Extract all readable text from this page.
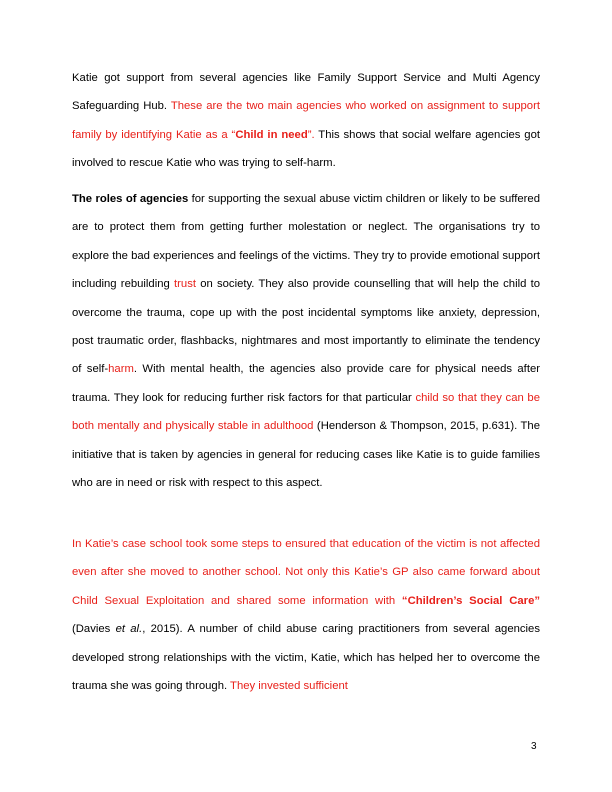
Katie got support from several agencies like Family Support Service and Multi Agency Safeguarding Hub. These are the two main agencies who worked on assignment to support family by identifying Katie as a “Child in need”. This shows that social welfare agencies got involved to rescue Katie who was trying to self-harm.

The roles of agencies for supporting the sexual abuse victim children or likely to be suffered are to protect them from getting further molestation or neglect. The organisations try to explore the bad experiences and feelings of the victims. They try to provide emotional support including rebuilding trust on society. They also provide counselling that will help the child to overcome the trauma, cope up with the post incidental symptoms like anxiety, depression, post traumatic order, flashbacks, nightmares and most importantly to eliminate the tendency of self-harm. With mental health, the agencies also provide care for physical needs after trauma. They look for reducing further risk factors for that particular child so that they can be both mentally and physically stable in adulthood (Henderson & Thompson, 2015, p.631). The initiative that is taken by agencies in general for reducing cases like Katie is to guide families who are in need or risk with respect to this aspect.

In Katie’s case school took some steps to ensured that education of the victim is not affected even after she moved to another school. Not only this Katie’s GP also came forward about Child Sexual Exploitation and shared some information with “Children’s Social Care” (Davies et al., 2015). A number of child abuse caring practitioners from several agencies developed strong relationships with the victim, Katie, which has helped her to overcome the trauma she was going through. They invested sufficient

3
